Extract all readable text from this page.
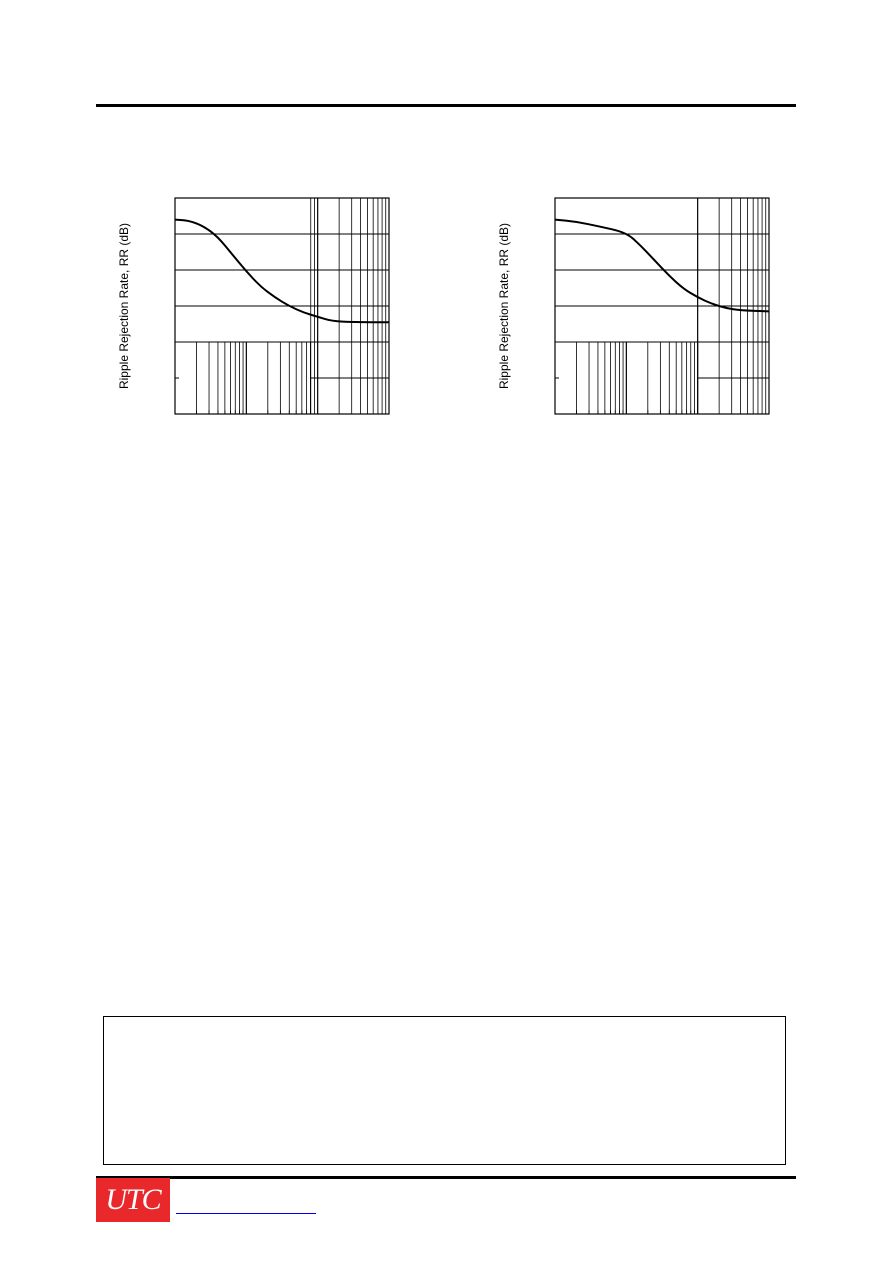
Ripple Rejection Rate, RR (dB)	Ripple Rejection Rate, RR (dB)
UTC
